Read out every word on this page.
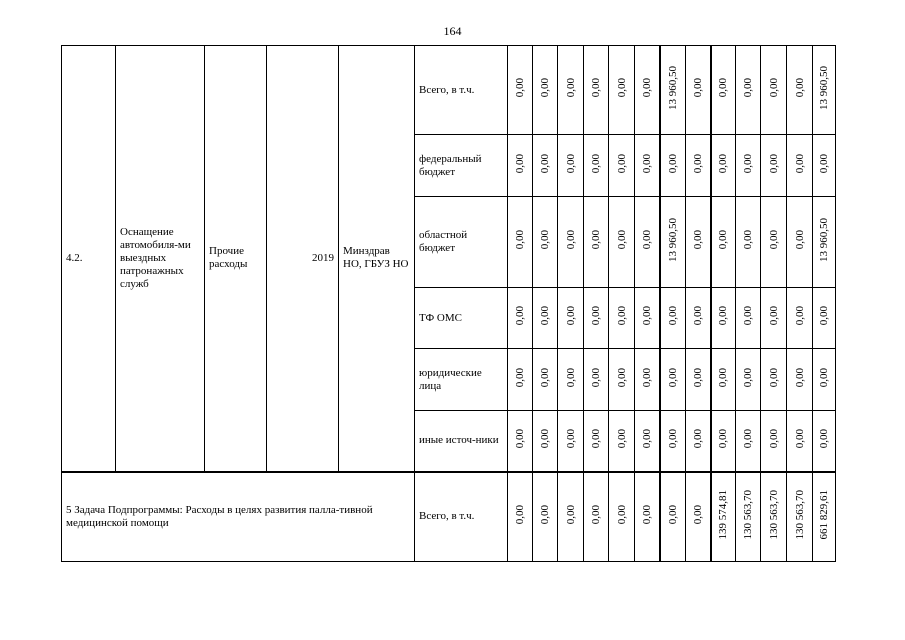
164
4.2.	Оснащение автомобиля-ми выездных патронажных служб	Прочие расходы	2019	Минздрав НО, ГБУЗ НО	Всего, в т.ч.	0,00	0,00	0,00	0,00	0,00	0,00	13 960,50	0,00	0,00	0,00	0,00	0,00	13 960,50
					федеральный бюджет	0,00	0,00	0,00	0,00	0,00	0,00	0,00	0,00	0,00	0,00	0,00	0,00	0,00
					областной бюджет	0,00	0,00	0,00	0,00	0,00	0,00	13 960,50	0,00	0,00	0,00	0,00	0,00	13 960,50
					ТФ ОМС	0,00	0,00	0,00	0,00	0,00	0,00	0,00	0,00	0,00	0,00	0,00	0,00	0,00
					юридические лица	0,00	0,00	0,00	0,00	0,00	0,00	0,00	0,00	0,00	0,00	0,00	0,00	0,00
					иные источ-ники	0,00	0,00	0,00	0,00	0,00	0,00	0,00	0,00	0,00	0,00	0,00	0,00	0,00
5 Задача Подпрограммы: Расходы в целях развития палла-тивной медицинской помощи					Всего, в т.ч.	0,00	0,00	0,00	0,00	0,00	0,00	0,00	0,00	139 574,81	130 563,70	130 563,70	130 563,70	661 829,61
